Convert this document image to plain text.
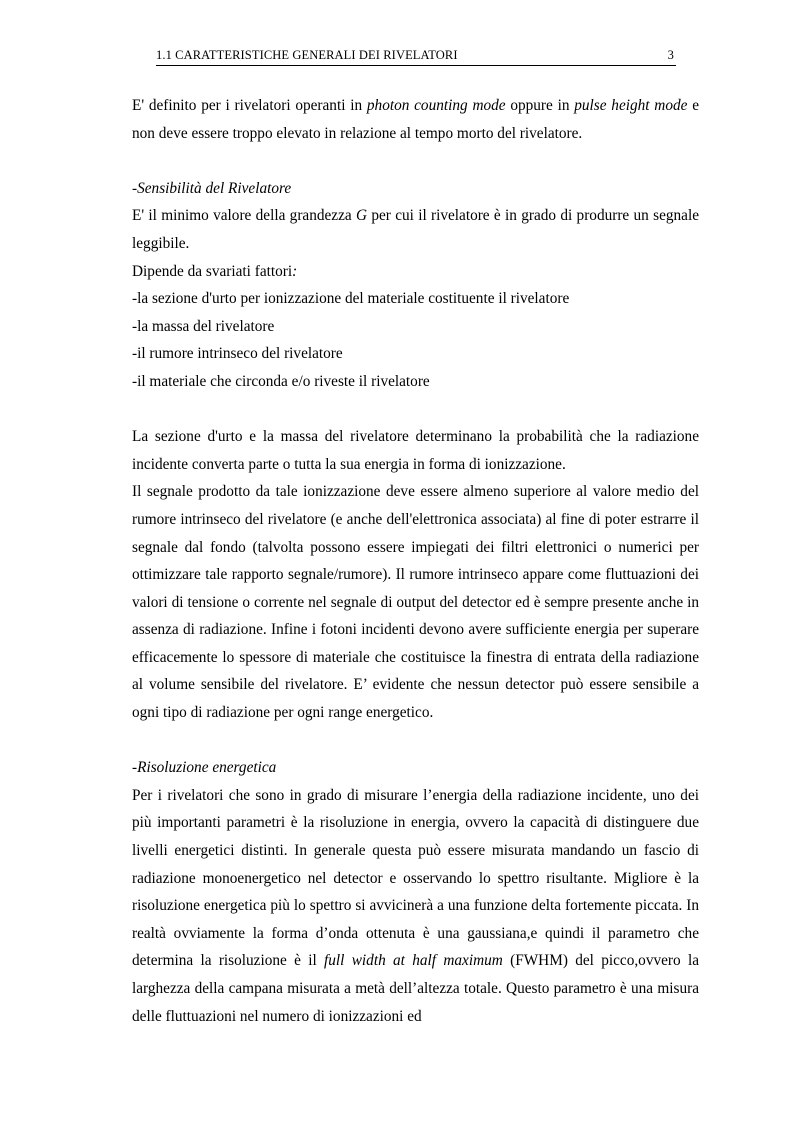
1.1 CARATTERISTICHE GENERALI DEI RIVELATORI	3

E' definito per i rivelatori operanti in photon counting mode oppure in pulse height mode e non deve essere troppo elevato in relazione al tempo morto del rivelatore.

-Sensibilità del Rivelatore

E' il minimo valore della grandezza G per cui il rivelatore è in grado di produrre un segnale leggibile.

Dipende da svariati fattori:

-la sezione d'urto per ionizzazione del materiale costituente il rivelatore

-la massa del rivelatore

-il rumore intrinseco del rivelatore

-il materiale che circonda e/o riveste il rivelatore

La sezione d'urto e la massa del rivelatore determinano la probabilità che la radiazione incidente converta parte o tutta la sua energia in forma di ionizzazione.

Il segnale prodotto da tale ionizzazione deve essere almeno superiore al valore medio del rumore intrinseco del rivelatore (e anche dell'elettronica associata) al fine di poter estrarre il segnale dal fondo (talvolta possono essere impiegati dei filtri elettronici o numerici per ottimizzare tale rapporto segnale/rumore). Il rumore intrinseco appare come fluttuazioni dei valori di tensione o corrente nel segnale di output del detector ed è sempre presente anche in assenza di radiazione. Infine i fotoni incidenti devono avere sufficiente energia per superare efficacemente lo spessore di materiale che costituisce la finestra di entrata della radiazione al volume sensibile del rivelatore. E’ evidente che nessun detector può essere sensibile a ogni tipo di radiazione per ogni range energetico.

-Risoluzione energetica

Per i rivelatori che sono in grado di misurare l’energia della radiazione incidente, uno dei più importanti parametri è la risoluzione in energia, ovvero la capacità di distinguere due livelli energetici distinti. In generale questa può essere misurata mandando un fascio di radiazione monoenergetico nel detector e osservando lo spettro risultante. Migliore è la risoluzione energetica più lo spettro si avvicinerà a una funzione delta fortemente piccata. In realtà ovviamente la forma d’onda ottenuta è una gaussiana,e quindi il parametro che determina la risoluzione è il full width at half maximum (FWHM) del picco,ovvero la larghezza della campana misurata a metà dell’altezza totale. Questo parametro è una misura delle fluttuazioni nel numero di ionizzazioni ed
